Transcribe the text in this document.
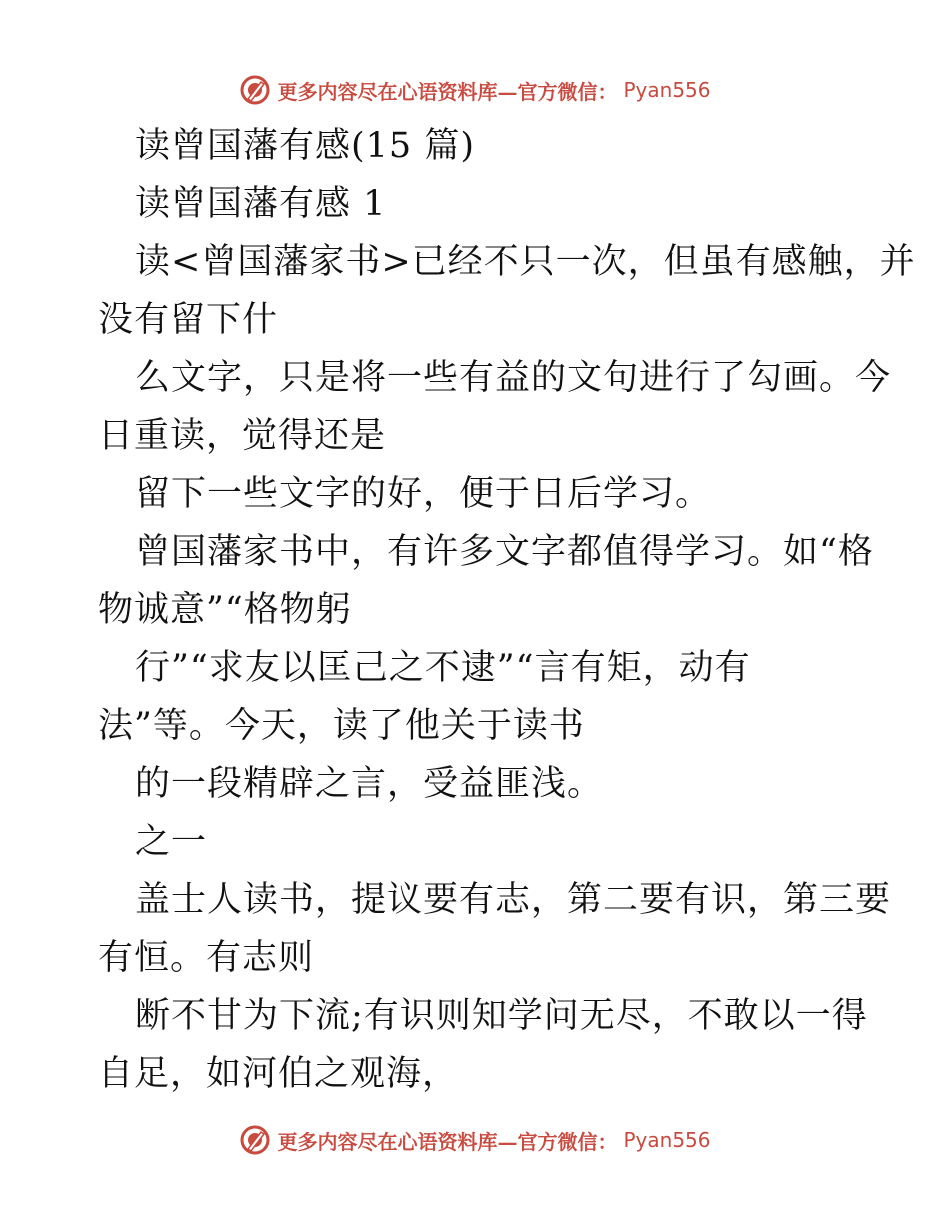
更多内容尽在心语资料库—官方微信： Pyan556
读曾国藩有感(15 篇)
读曾国藩有感 1
读<曾国藩家书>已经不只一次，但虽有感触，并
没有留下什
么文字，只是将一些有益的文句进行了勾画。今
日重读，觉得还是
留下一些文字的好，便于日后学习。
曾国藩家书中，有许多文字都值得学习。如“格
物诚意”“格物躬
行”“求友以匡己之不逮”“言有矩，动有
法”等。今天，读了他关于读书
的一段精辟之言，受益匪浅。
之一
盖士人读书，提议要有志，第二要有识，第三要
有恒。有志则
断不甘为下流;有识则知学问无尽，不敢以一得
自足，如河伯之观海，
更多内容尽在心语资料库—官方微信： Pyan556
